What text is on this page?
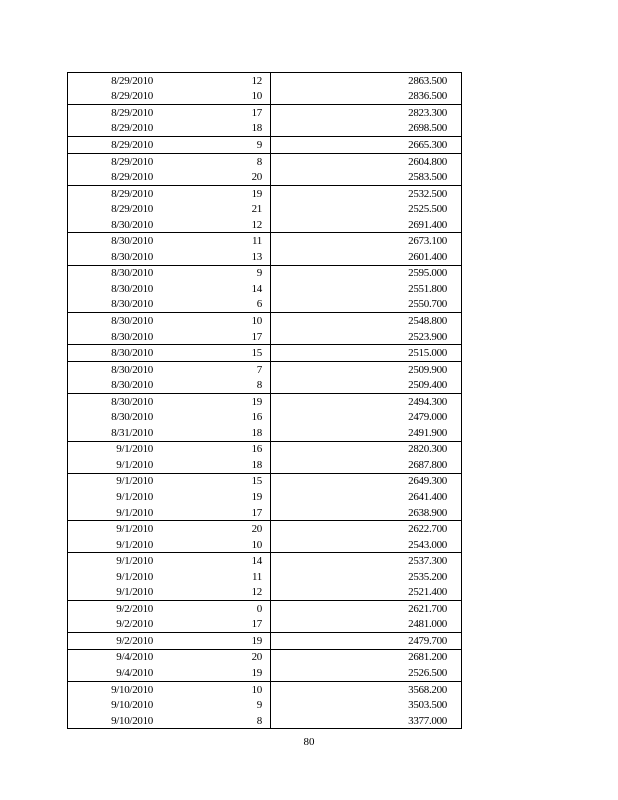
8/29/2010	12	2863.500
8/29/2010	10	2836.500
8/29/2010	17	2823.300
8/29/2010	18	2698.500
8/29/2010	9	2665.300
8/29/2010	8	2604.800
8/29/2010	20	2583.500
8/29/2010	19	2532.500
8/29/2010	21	2525.500
8/30/2010	12	2691.400
8/30/2010	11	2673.100
8/30/2010	13	2601.400
8/30/2010	9	2595.000
8/30/2010	14	2551.800
8/30/2010	6	2550.700
8/30/2010	10	2548.800
8/30/2010	17	2523.900
8/30/2010	15	2515.000
8/30/2010	7	2509.900
8/30/2010	8	2509.400
8/30/2010	19	2494.300
8/30/2010	16	2479.000
8/31/2010	18	2491.900
9/1/2010	16	2820.300
9/1/2010	18	2687.800
9/1/2010	15	2649.300
9/1/2010	19	2641.400
9/1/2010	17	2638.900
9/1/2010	20	2622.700
9/1/2010	10	2543.000
9/1/2010	14	2537.300
9/1/2010	11	2535.200
9/1/2010	12	2521.400
9/2/2010	0	2621.700
9/2/2010	17	2481.000
9/2/2010	19	2479.700
9/4/2010	20	2681.200
9/4/2010	19	2526.500
9/10/2010	10	3568.200
9/10/2010	9	3503.500
9/10/2010	8	3377.000
80
